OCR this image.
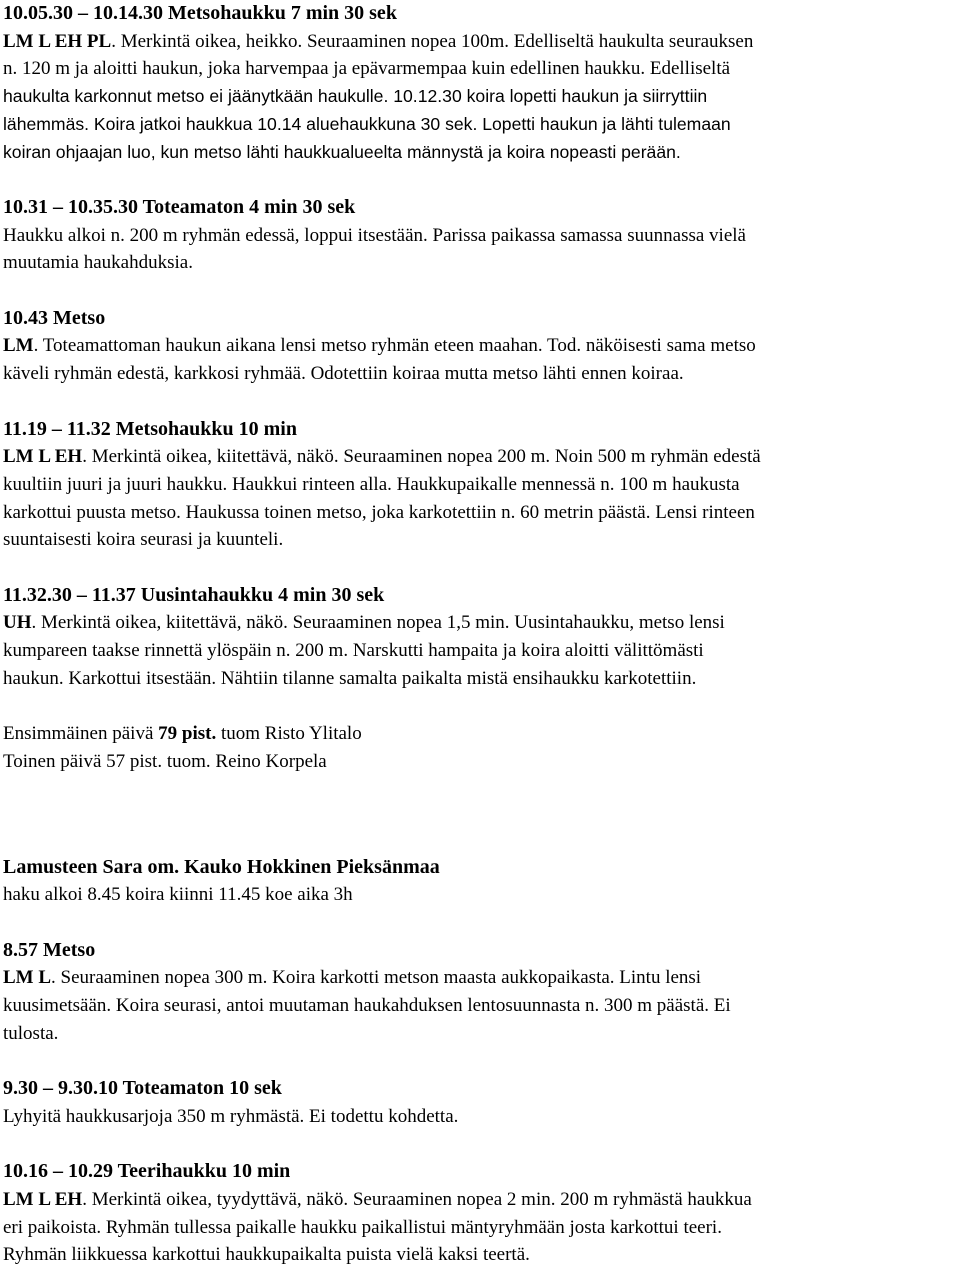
10.05.30 – 10.14.30 Metsohaukku 7 min 30 sek
LM L EH PL. Merkintä oikea, heikko. Seuraaminen nopea 100m. Edelliseltä haukulta seurauksen
n. 120 m ja aloitti haukun, joka harvempaa ja epävarmempaa kuin edellinen haukku. Edelliseltä
haukulta karkonnut metso ei jäänytkään haukulle. 10.12.30 koira lopetti haukun ja siirryttiin
lähemmäs. Koira jatkoi haukkua 10.14 aluehaukkuna 30 sek. Lopetti haukun ja lähti tulemaan
koiran ohjaajan luo, kun metso lähti haukkualueelta männystä ja koira nopeasti perään.
10.31 – 10.35.30 Toteamaton 4 min 30 sek
Haukku alkoi n. 200 m ryhmän edessä, loppui itsestään. Parissa paikassa samassa suunnassa vielä
muutamia haukahduksia.
10.43 Metso
LM. Toteamattoman haukun aikana lensi metso ryhmän eteen maahan. Tod. näköisesti sama metso
käveli ryhmän edestä, karkkosi ryhmää. Odotettiin koiraa mutta metso lähti ennen koiraa.
11.19 – 11.32 Metsohaukku 10 min
LM L EH. Merkintä oikea, kiitettävä, näkö. Seuraaminen nopea 200 m. Noin 500 m ryhmän edestä
kuultiin juuri ja juuri haukku. Haukkui rinteen alla. Haukkupaikalle mennessä n. 100 m haukusta
karkottui puusta metso. Haukussa toinen metso, joka karkotettiin n. 60 metrin päästä. Lensi rinteen
suuntaisesti koira seurasi ja kuunteli.
11.32.30 – 11.37 Uusintahaukku 4 min 30 sek
UH. Merkintä oikea, kiitettävä, näkö. Seuraaminen nopea 1,5 min. Uusintahaukku, metso lensi
kumpareen taakse rinnettä ylöspäin n. 200 m. Narskutti hampaita ja koira aloitti välittömästi
haukun. Karkottui itsestään. Nähtiin tilanne samalta paikalta mistä ensihaukku karkotettiin.
Ensimmäinen päivä 79 pist. tuom Risto Ylitalo
Toinen päivä 57 pist. tuom. Reino Korpela
Lamusteen Sara om. Kauko Hokkinen Pieksänmaa
haku alkoi 8.45 koira kiinni 11.45 koe aika 3h
8.57 Metso
LM L. Seuraaminen nopea 300 m. Koira karkotti metson maasta aukkopaikasta. Lintu lensi
kuusimetsään. Koira seurasi, antoi muutaman haukahduksen lentosuunnasta n. 300 m päästä. Ei
tulosta.
9.30 – 9.30.10 Toteamaton 10 sek
Lyhyitä haukkusarjoja 350 m ryhmästä. Ei todettu kohdetta.
10.16 – 10.29 Teerihaukku 10 min
LM L EH. Merkintä oikea, tyydyttävä, näkö. Seuraaminen nopea 2 min. 200 m ryhmästä haukkua
eri paikoista. Ryhmän tullessa paikalle haukku paikallistui mäntyryhmään josta karkottui teeri.
Ryhmän liikkuessa karkottui haukkupaikalta puista vielä kaksi teertä.
